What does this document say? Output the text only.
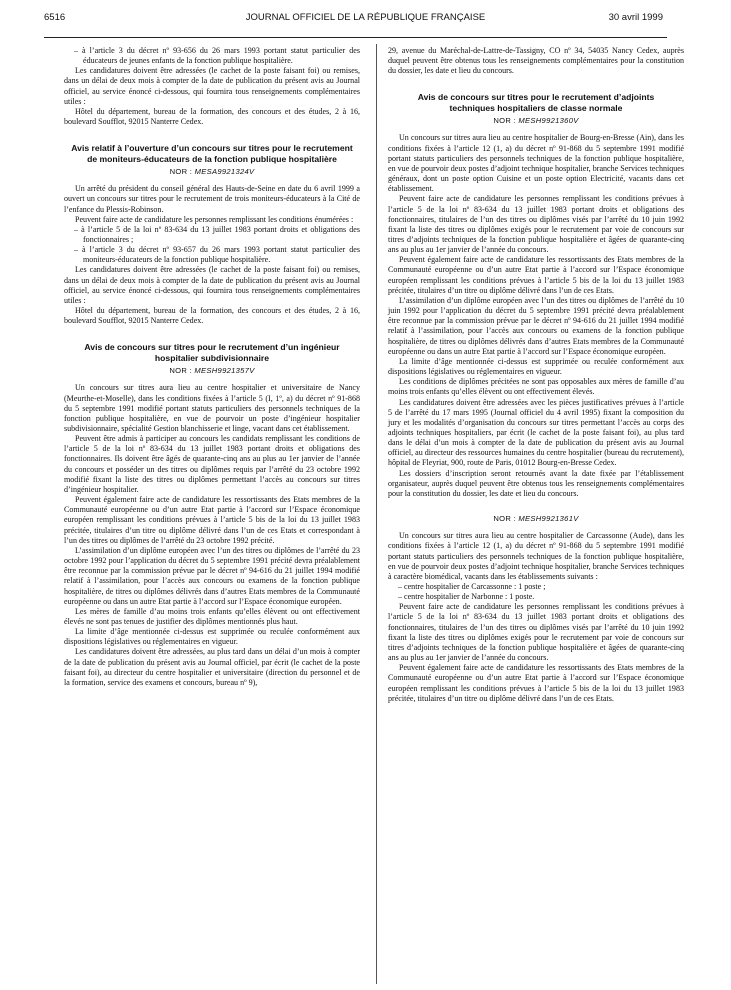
6516	JOURNAL OFFICIEL DE LA RÉPUBLIQUE FRANÇAISE	30 avril 1999

– à l’article 3 du décret nº 93-656 du 26 mars 1993 portant statut particulier des éducateurs de jeunes enfants de la fonction publique hospitalière.

Les candidatures doivent être adressées (le cachet de la poste faisant foi) ou remises, dans un délai de deux mois à compter de la date de publication du présent avis au Journal officiel, au service énoncé ci-dessous, qui fournira tous renseignements complémentaires utiles :

Hôtel du département, bureau de la formation, des concours et des études, 2 à 16, boulevard Soufflot, 92015 Nanterre Cedex.

Avis relatif à l’ouverture d’un concours sur titres pour le recrutement de moniteurs-éducateurs de la fonction publique hospitalière
NOR : MESA9921324V

Un arrêté du président du conseil général des Hauts-de-Seine en date du 6 avril 1999 a ouvert un concours sur titres pour le recrutement de trois moniteurs-éducateurs à la Cité de l’enfance du Plessis-Robinson.

Peuvent faire acte de candidature les personnes remplissant les conditions énumérées :

– à l’article 5 de la loi nº 83-634 du 13 juillet 1983 portant droits et obligations des fonctionnaires ;

– à l’article 3 du décret nº 93-657 du 26 mars 1993 portant statut particulier des moniteurs-éducateurs de la fonction publique hospitalière.

Les candidatures doivent être adressées (le cachet de la poste faisant foi) ou remises, dans un délai de deux mois à compter de la date de publication du présent avis au Journal officiel, au service énoncé ci-dessous, qui fournira tous renseignements complémentaires utiles :

Hôtel du département, bureau de la formation, des concours et des études, 2 à 16, boulevard Soufflot, 92015 Nanterre Cedex.

Avis de concours sur titres pour le recrutement d’un ingénieur hospitalier subdivisionnaire
NOR : MESH9921357V

Un concours sur titres aura lieu au centre hospitalier et universitaire de Nancy (Meurthe-et-Moselle), dans les conditions fixées à l’article 5 (I, 1º, a) du décret nº 91-868 du 5 septembre 1991 modifié portant statuts particuliers des personnels techniques de la fonction publique hospitalière, en vue de pourvoir un poste d’ingénieur hospitalier subdivisionnaire, spécialité Gestion blanchisserie et linge, vacant dans cet établissement.

Peuvent être admis à participer au concours les candidats remplissant les conditions de l’article 5 de la loi nº 83-634 du 13 juillet 1983 portant droits et obligations des fonctionnaires. Ils doivent être âgés de quarante-cinq ans au plus au 1er janvier de l’année du concours et posséder un des titres ou diplômes requis par l’arrêté du 23 octobre 1992 modifié fixant la liste des titres ou diplômes permettant l’accès au concours sur titres d’ingénieur hospitalier.

Peuvent également faire acte de candidature les ressortissants des Etats membres de la Communauté européenne ou d’un autre Etat partie à l’accord sur l’Espace économique européen remplissant les conditions prévues à l’article 5 bis de la loi du 13 juillet 1983 précitée, titulaires d’un titre ou diplôme délivré dans l’un de ces Etats et correspondant à l’un des titres ou diplômes de l’arrêté du 23 octobre 1992 précité.

L’assimilation d’un diplôme européen avec l’un des titres ou diplômes de l’arrêté du 23 octobre 1992 pour l’application du décret du 5 septembre 1991 précité devra préalablement être reconnue par la commission prévue par le décret nº 94-616 du 21 juillet 1994 modifié relatif à l’assimilation, pour l’accès aux concours ou examens de la fonction publique hospitalière, de titres ou diplômes délivrés dans d’autres Etats membres de la Communauté européenne ou dans un autre Etat partie à l’accord sur l’Espace économique européen.

Les mères de famille d’au moins trois enfants qu’elles élèvent ou ont effectivement élevés ne sont pas tenues de justifier des diplômes mentionnés plus haut.

La limite d’âge mentionnée ci-dessus est supprimée ou reculée conformément aux dispositions législatives ou réglementaires en vigueur.

Les candidatures doivent être adressées, au plus tard dans un délai d’un mois à compter de la date de publication du présent avis au Journal officiel, par écrit (le cachet de la poste faisant foi), au directeur du centre hospitalier et universitaire (direction du personnel et de la formation, service des examens et concours, bureau nº 9),

29, avenue du Maréchal-de-Lattre-de-Tassigny, CO nº 34, 54035 Nancy Cedex, auprès duquel peuvent être obtenus tous les renseignements complémentaires pour la constitution du dossier, les date et lieu du concours.

Avis de concours sur titres pour le recrutement d’adjoints techniques hospitaliers de classe normale
NOR : MESH9921360V

Un concours sur titres aura lieu au centre hospitalier de Bourg-en-Bresse (Ain), dans les conditions fixées à l’article 12 (1, a) du décret nº 91-868 du 5 septembre 1991 modifié portant statuts particuliers des personnels techniques de la fonction publique hospitalière, en vue de pourvoir deux postes d’adjoint technique hospitalier, branche Services techniques généraux, dont un poste option Cuisine et un poste option Electricité, vacants dans cet établissement.

Peuvent faire acte de candidature les personnes remplissant les conditions prévues à l’article 5 de la loi nº 83-634 du 13 juillet 1983 portant droits et obligations des fonctionnaires, titulaires de l’un des titres ou diplômes visés par l’arrêté du 10 juin 1992 fixant la liste des titres ou diplômes exigés pour le recrutement par voie de concours sur titres d’adjoints techniques de la fonction publique hospitalière et âgées de quarante-cinq ans au plus au 1er janvier de l’année du concours.

Peuvent également faire acte de candidature les ressortissants des Etats membres de la Communauté européenne ou d’un autre Etat partie à l’accord sur l’Espace économique européen remplissant les conditions prévues à l’article 5 bis de la loi du 13 juillet 1983 précitée, titulaires d’un titre ou diplôme délivré dans l’un de ces Etats.

L’assimilation d’un diplôme européen avec l’un des titres ou diplômes de l’arrêté du 10 juin 1992 pour l’application du décret du 5 septembre 1991 précité devra préalablement être reconnue par la commission prévue par le décret nº 94-616 du 21 juillet 1994 modifié relatif à l’assimilation, pour l’accès aux concours ou examens de la fonction publique hospitalière, de titres ou diplômes délivrés dans d’autres Etats membres de la Communauté européenne ou dans un autre Etat partie à l’accord sur l’Espace économique européen.

La limite d’âge mentionnée ci-dessus est supprimée ou reculée conformément aux dispositions législatives ou réglementaires en vigueur.

Les conditions de diplômes précitées ne sont pas opposables aux mères de famille d’au moins trois enfants qu’elles élèvent ou ont effectivement élevés.

Les candidatures doivent être adressées avec les pièces justificatives prévues à l’article 5 de l’arrêté du 17 mars 1995 (Journal officiel du 4 avril 1995) fixant la composition du jury et les modalités d’organisation du concours sur titres permettant l’accès au corps des adjoints techniques hospitaliers, par écrit (le cachet de la poste faisant foi), au plus tard dans le délai d’un mois à compter de la date de publication du présent avis au Journal officiel, au directeur des ressources humaines du centre hospitalier (bureau du recrutement), hôpital de Fleyriat, 900, route de Paris, 01012 Bourg-en-Bresse Cedex.

Les dossiers d’inscription seront retournés avant la date fixée par l’établissement organisateur, auprès duquel peuvent être obtenus tous les renseignements complémentaires pour la constitution du dossier, les date et lieu du concours.

NOR : MESH9921361V

Un concours sur titres aura lieu au centre hospitalier de Carcassonne (Aude), dans les conditions fixées à l’article 12 (1, a) du décret nº 91-868 du 5 septembre 1991 modifié portant statuts particuliers des personnels techniques de la fonction publique hospitalière, en vue de pourvoir deux postes d’adjoint technique hospitalier, branche Services techniques à caractère biomédical, vacants dans les établissements suivants :

– centre hospitalier de Carcassonne : 1 poste ;

– centre hospitalier de Narbonne : 1 poste.

Peuvent faire acte de candidature les personnes remplissant les conditions prévues à l’article 5 de la loi nº 83-634 du 13 juillet 1983 portant droits et obligations des fonctionnaires, titulaires de l’un des titres ou diplômes visés par l’arrêté du 10 juin 1992 fixant la liste des titres ou diplômes exigés pour le recrutement par voie de concours sur titres d’adjoints techniques de la fonction publique hospitalière et âgées de quarante-cinq ans au plus au 1er janvier de l’année du concours.

Peuvent également faire acte de candidature les ressortissants des Etats membres de la Communauté européenne ou d’un autre Etat partie à l’accord sur l’Espace économique européen remplissant les conditions prévues à l’article 5 bis de la loi du 13 juillet 1983 précitée, titulaires d’un titre ou diplôme délivré dans l’un de ces Etats.
